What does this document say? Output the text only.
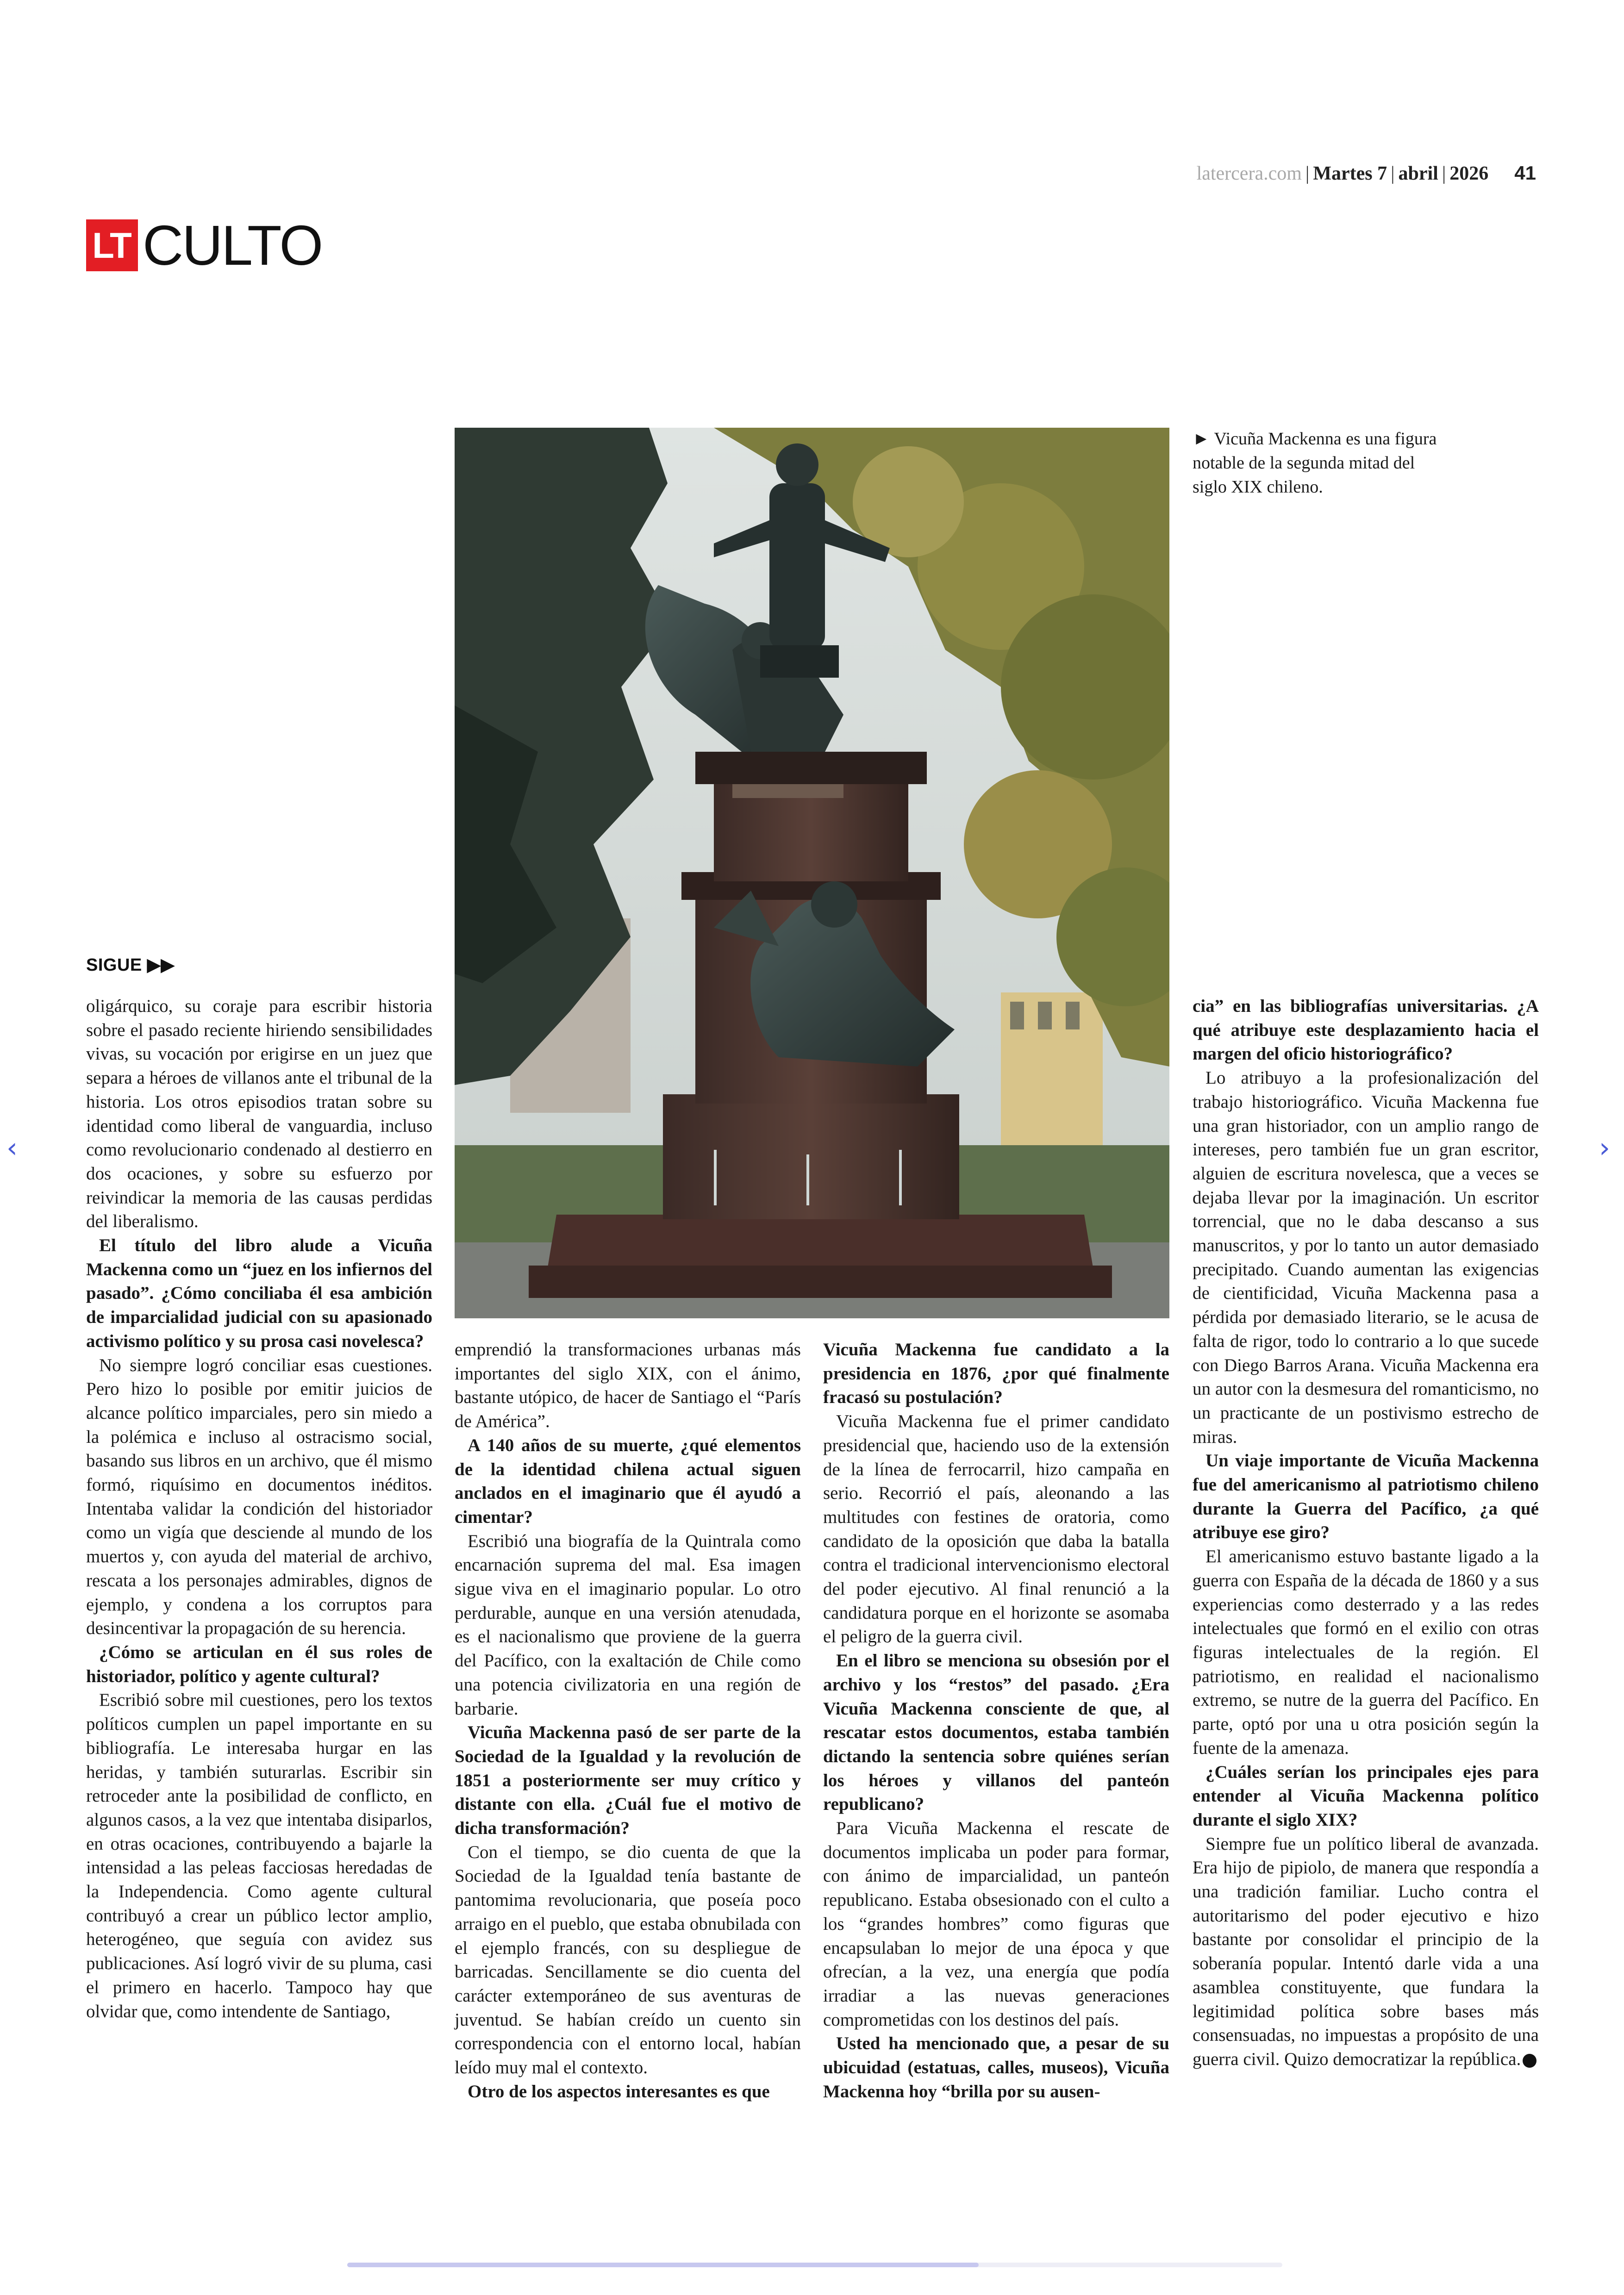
latercera.com | Martes 7 | abril | 2026 41
LT CULTO
► Vicuña Mackenna es una figura notable de la segunda mitad del siglo XIX chileno.
SIGUE ▶▶

oligárquico, su coraje para escribir historia sobre el pasado reciente hiriendo sensibilidades vivas, su vocación por erigirse en un juez que separa a héroes de villanos ante el tribunal de la historia. Los otros episodios tratan sobre su identidad como liberal de vanguardia, incluso como revolucionario condenado al destierro en dos ocaciones, y sobre su esfuerzo por reivindicar la memoria de las causas perdidas del liberalismo.

El título del libro alude a Vicuña Mackenna como un “juez en los infiernos del pasado”. ¿Cómo conciliaba él esa ambición de imparcialidad judicial con su apasionado activismo político y su prosa casi novelesca?

No siempre logró conciliar esas cuestiones. Pero hizo lo posible por emitir juicios de alcance político imparciales, pero sin miedo a la polémica e incluso al ostracismo social, basando sus libros en un archivo, que él mismo formó, riquísimo en documentos inéditos. Intentaba validar la condición del historiador como un vigía que desciende al mundo de los muertos y, con ayuda del material de archivo, rescata a los personajes admirables, dignos de ejemplo, y condena a los corruptos para desincentivar la propagación de su herencia.

¿Cómo se articulan en él sus roles de historiador, político y agente cultural?

Escribió sobre mil cuestiones, pero los textos políticos cumplen un papel importante en su bibliografía. Le interesaba hurgar en las heridas, y también suturarlas. Escribir sin retroceder ante la posibilidad de conflicto, en algunos casos, a la vez que intentaba disiparlos, en otras ocaciones, contribuyendo a bajarle la intensidad a las peleas facciosas heredadas de la Independencia. Como agente cultural contribuyó a crear un público lector amplio, heterogéneo, que seguía con avidez sus publicaciones. Así logró vivir de su pluma, casi el primero en hacerlo. Tampoco hay que olvidar que, como intendente de Santiago,

emprendió la transformaciones urbanas más importantes del siglo XIX, con el ánimo, bastante utópico, de hacer de Santiago el “París de América”.

A 140 años de su muerte, ¿qué elementos de la identidad chilena actual siguen anclados en el imaginario que él ayudó a cimentar?

Escribió una biografía de la Quintrala como encarnación suprema del mal. Esa imagen sigue viva en el imaginario popular. Lo otro perdurable, aunque en una versión atenudada, es el nacionalismo que proviene de la guerra del Pacífico, con la exaltación de Chile como una potencia civilizatoria en una región de barbarie.

Vicuña Mackenna pasó de ser parte de la Sociedad de la Igualdad y la revolución de 1851 a posteriormente ser muy crítico y distante con ella. ¿Cuál fue el motivo de dicha transformación?

Con el tiempo, se dio cuenta de que la Sociedad de la Igualdad tenía bastante de pantomima revolucionaria, que poseía poco arraigo en el pueblo, que estaba obnubilada con el ejemplo francés, con su despliegue de barricadas. Sencillamente se dio cuenta del carácter extemporáneo de sus aventuras de juventud. Se habían creído un cuento sin correspondencia con el entorno local, habían leído muy mal el contexto.

Otro de los aspectos interesantes es que

Vicuña Mackenna fue candidato a la presidencia en 1876, ¿por qué finalmente fracasó su postulación?

Vicuña Mackenna fue el primer candidato presidencial que, haciendo uso de la extensión de la línea de ferrocarril, hizo campaña en serio. Recorrió el país, aleonando a las multitudes con festines de oratoria, como candidato de la oposición que daba la batalla contra el tradicional intervencionismo electoral del poder ejecutivo. Al final renunció a la candidatura porque en el horizonte se asomaba el peligro de la guerra civil.

En el libro se menciona su obsesión por el archivo y los “restos” del pasado. ¿Era Vicuña Mackenna consciente de que, al rescatar estos documentos, estaba también dictando la sentencia sobre quiénes serían los héroes y villanos del panteón republicano?

Para Vicuña Mackenna el rescate de documentos implicaba un poder para formar, con ánimo de imparcialidad, un panteón republicano. Estaba obsesionado con el culto a los “grandes hombres” como figuras que encapsulaban lo mejor de una época y que ofrecían, a la vez, una energía que podía irradiar a las nuevas generaciones comprometidas con los destinos del país.

Usted ha mencionado que, a pesar de su ubicuidad (estatuas, calles, museos), Vicuña Mackenna hoy “brilla por su ausen-

cia” en las bibliografías universitarias. ¿A qué atribuye este desplazamiento hacia el margen del oficio historiográfico?

Lo atribuyo a la profesionalización del trabajo historiográfico. Vicuña Mackenna fue una gran historiador, con un amplio rango de intereses, pero también fue un gran escritor, alguien de escritura novelesca, que a veces se dejaba llevar por la imaginación. Un escritor torrencial, que no le daba descanso a sus manuscritos, y por lo tanto un autor demasiado precipitado. Cuando aumentan las exigencias de cientificidad, Vicuña Mackenna pasa a pérdida por demasiado literario, se le acusa de falta de rigor, todo lo contrario a lo que sucede con Diego Barros Arana. Vicuña Mackenna era un autor con la desmesura del romanticismo, no un practicante de un postivismo estrecho de miras.

Un viaje importante de Vicuña Mackenna fue del americanismo al patriotismo chileno durante la Guerra del Pacífico, ¿a qué atribuye ese giro?

El americanismo estuvo bastante ligado a la guerra con España de la década de 1860 y a sus experiencias como desterrado y a las redes intelectuales que formó en el exilio con otras figuras intelectuales de la región. El patriotismo, en realidad el nacionalismo extremo, se nutre de la guerra del Pacífico. En parte, optó por una u otra posición según la fuente de la amenaza.

¿Cuáles serían los principales ejes para entender al Vicuña Mackenna político durante el siglo XIX?

Siempre fue un político liberal de avanzada. Era hijo de pipiolo, de manera que respondía a una tradición familiar. Lucho contra el autoritarismo del poder ejecutivo e hizo bastante por consolidar el principio de la soberanía popular. Intentó darle vida a una asamblea constituyente, que fundara la legitimidad política sobre bases más consensuadas, no impuestas a propósito de una guerra civil. Quizo democratizar la república.

‹	›
